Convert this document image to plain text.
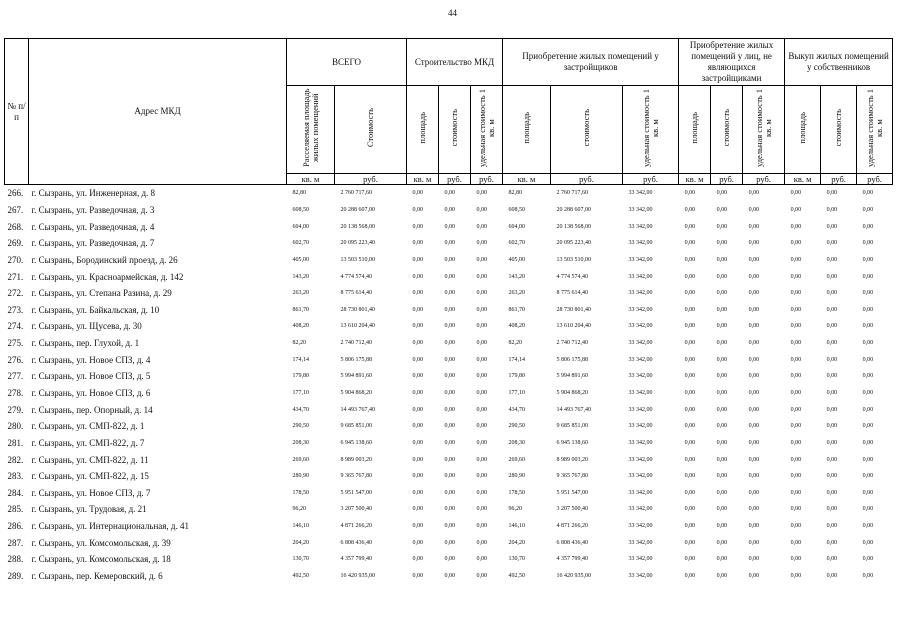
44
№ п/п	Адрес МКД	ВСЕГО		Строительство МКД			Приобретение жилых помещений у застройщиков			Приобретение жилых помещений у лиц, не являющихся застройщиками			Выкуп жилых помещений у собственников		
		Расселяемая площадь жилых помещений	Стоимость	площадь	стоимость	удельная стоимость 1 кв. м	площадь	стоимость	удельная стоимость 1 кв. м	площадь	стоимость	удельная стоимость 1 кв. м	площадь	стоимость	удельная стоимость 1 кв. м
		кв. м	руб.	кв. м	руб.	руб.	кв. м	руб.	руб.	кв. м	руб.	руб.	кв. м	руб.	руб.
266.	г. Сызрань, ул. Инженерная, д. 8	82,80	2 760 717,60	0,00	0,00	0,00	82,80	2 760 717,60	33 342,00	0,00	0,00	0,00	0,00	0,00	0,00
267.	г. Сызрань, ул. Разведочная, д. 3	608,50	20 288 607,00	0,00	0,00	0,00	608,50	20 288 607,00	33 342,00	0,00	0,00	0,00	0,00	0,00	0,00
268.	г. Сызрань, ул. Разведочная, д. 4	604,00	20 138 568,00	0,00	0,00	0,00	604,00	20 138 568,00	33 342,00	0,00	0,00	0,00	0,00	0,00	0,00
269.	г. Сызрань, ул. Разведочная, д. 7	602,70	20 095 223,40	0,00	0,00	0,00	602,70	20 095 223,40	33 342,00	0,00	0,00	0,00	0,00	0,00	0,00
270.	г. Сызрань, Бородинский проезд, д. 26	405,00	13 503 510,00	0,00	0,00	0,00	405,00	13 503 510,00	33 342,00	0,00	0,00	0,00	0,00	0,00	0,00
271.	г. Сызрань, ул. Красноармейская, д. 142	143,20	4 774 574,40	0,00	0,00	0,00	143,20	4 774 574,40	33 342,00	0,00	0,00	0,00	0,00	0,00	0,00
272.	г. Сызрань, ул. Степана Разина, д. 29	263,20	8 775 614,40	0,00	0,00	0,00	263,20	8 775 614,40	33 342,00	0,00	0,00	0,00	0,00	0,00	0,00
273.	г. Сызрань, ул. Байкальская, д. 10	861,70	28 730 801,40	0,00	0,00	0,00	861,70	28 730 801,40	33 342,00	0,00	0,00	0,00	0,00	0,00	0,00
274.	г. Сызрань, ул. Щусева, д. 30	408,20	13 610 204,40	0,00	0,00	0,00	408,20	13 610 204,40	33 342,00	0,00	0,00	0,00	0,00	0,00	0,00
275.	г. Сызрань, пер. Глухой, д. 1	82,20	2 740 712,40	0,00	0,00	0,00	82,20	2 740 712,40	33 342,00	0,00	0,00	0,00	0,00	0,00	0,00
276.	г. Сызрань, ул. Новое СПЗ, д. 4	174,14	5 806 175,88	0,00	0,00	0,00	174,14	5 806 175,88	33 342,00	0,00	0,00	0,00	0,00	0,00	0,00
277.	г. Сызрань, ул. Новое СПЗ, д. 5	179,80	5 994 891,60	0,00	0,00	0,00	179,80	5 994 891,60	33 342,00	0,00	0,00	0,00	0,00	0,00	0,00
278.	г. Сызрань, ул. Новое СПЗ, д. 6	177,10	5 904 868,20	0,00	0,00	0,00	177,10	5 904 868,20	33 342,00	0,00	0,00	0,00	0,00	0,00	0,00
279.	г. Сызрань, пер. Опорный, д. 14	434,70	14 493 767,40	0,00	0,00	0,00	434,70	14 493 767,40	33 342,00	0,00	0,00	0,00	0,00	0,00	0,00
280.	г. Сызрань, ул. СМП-822, д. 1	290,50	9 685 851,00	0,00	0,00	0,00	290,50	9 685 851,00	33 342,00	0,00	0,00	0,00	0,00	0,00	0,00
281.	г. Сызрань, ул. СМП-822, д. 7	208,30	6 945 138,60	0,00	0,00	0,00	208,30	6 945 138,60	33 342,00	0,00	0,00	0,00	0,00	0,00	0,00
282.	г. Сызрань, ул. СМП-822, д. 11	269,60	8 989 003,20	0,00	0,00	0,00	269,60	8 989 003,20	33 342,00	0,00	0,00	0,00	0,00	0,00	0,00
283.	г. Сызрань, ул. СМП-822, д. 15	280,90	9 365 767,80	0,00	0,00	0,00	280,90	9 365 767,80	33 342,00	0,00	0,00	0,00	0,00	0,00	0,00
284.	г. Сызрань, ул. Новое СПЗ, д. 7	178,50	5 951 547,00	0,00	0,00	0,00	178,50	5 951 547,00	33 342,00	0,00	0,00	0,00	0,00	0,00	0,00
285.	г. Сызрань, ул. Трудовая, д. 21	96,20	3 207 500,40	0,00	0,00	0,00	96,20	3 207 500,40	33 342,00	0,00	0,00	0,00	0,00	0,00	0,00
286.	г. Сызрань, ул. Интернациональная, д. 41	146,10	4 871 266,20	0,00	0,00	0,00	146,10	4 871 266,20	33 342,00	0,00	0,00	0,00	0,00	0,00	0,00
287.	г. Сызрань, ул. Комсомольская, д. 39	204,20	6 808 436,40	0,00	0,00	0,00	204,20	6 808 436,40	33 342,00	0,00	0,00	0,00	0,00	0,00	0,00
288.	г. Сызрань, ул. Комсомольская, д. 18	130,70	4 357 799,40	0,00	0,00	0,00	130,70	4 357 799,40	33 342,00	0,00	0,00	0,00	0,00	0,00	0,00
289.	г. Сызрань, пер. Кемеровский, д. 6	492,50	16 420 935,00	0,00	0,00	0,00	492,50	16 420 935,00	33 342,00	0,00	0,00	0,00	0,00	0,00	0,00
